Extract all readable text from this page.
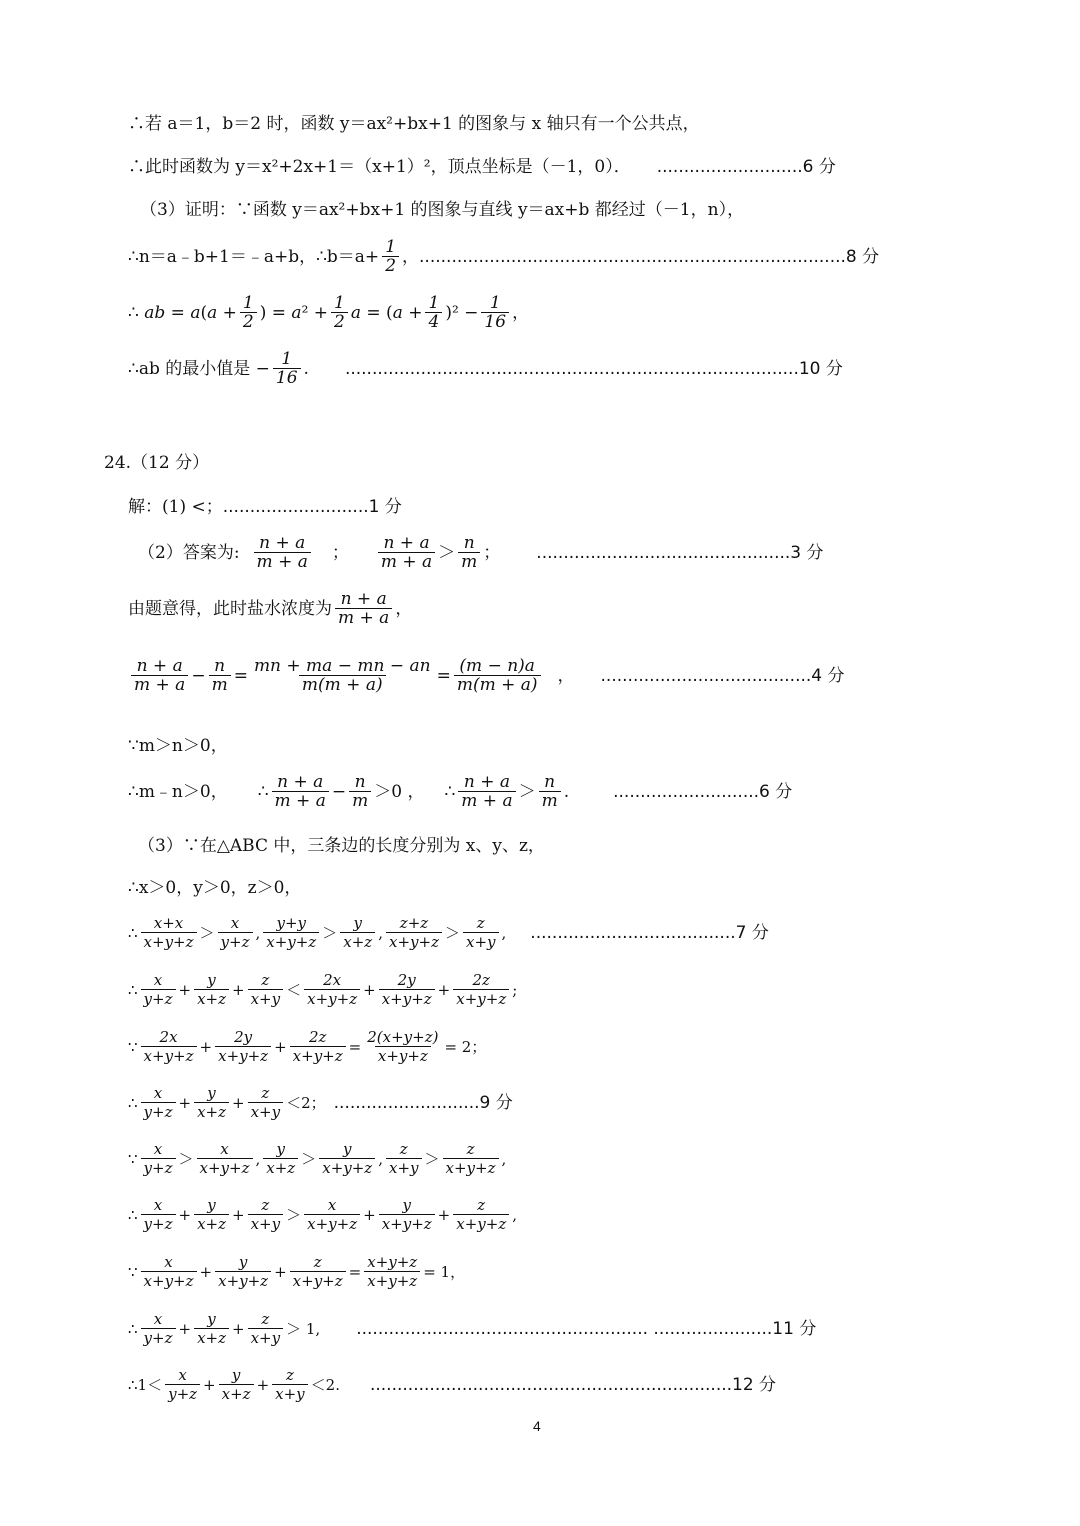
∴若 a＝1，b＝2 时，函数 y＝ax²+bx+1 的图象与 x 轴只有一个公共点，
∴此时函数为 y＝x²+2x+1＝（x+1）²，顶点坐标是（－1，0）． ...........................6 分
（3）证明：∵函数 y＝ax²+bx+1 的图象与直线 y＝ax+b 都经过（－1，n），
∴n＝a﹣b+1＝﹣a+b，∴b＝a+ $\frac{1}{2}$ ， ...............................................................................8 分
∴ ab = $a(a + \frac{1}{2}$ ) = $a^2 + \frac{1}{2}$ $a = (a + \frac{1}{4} )^2 - \frac{1}{16}$ ，
∴ab 的最小值是 − $\frac{1}{16}$ . ....................................................................................10 分
24.（12 分）
解：(1) <； ...........................1 分
（2）答案为: $\frac{n + a}{m + a}$ ； $\frac{n + a}{m + a} > \frac{n}{m}$ ； ...............................................3 分
由题意得，此时盐水浓度为 $\frac{n + a}{m + a}$ ，
$\frac{n + a}{m + a} - \frac{n}{m} = \frac{mn + ma - mn - an}{m(m + a)} = \frac{(m - n)a}{m(m + a)}$ ， .......................................4 分
∵m＞n＞0，
∴m﹣n＞0， ∴ $\frac{n + a}{m + a} - \frac{n}{m} >0$ ， ∴ $\frac{n + a}{m + a} > \frac{n}{m}$ .	...........................6 分
（3）∵在△ABC 中，三条边的长度分别为 x、y、z，
∴x＞0，y＞0，z＞0，
∴ $\frac{x+x}{x+y+z} > \frac{x}{y+z}$ , $\frac{y+y}{x+y+z} > \frac{y}{x+z}$ , $\frac{z+z}{x+y+z} > \frac{z}{x+y}$ , ......................................7 分
∴ $\frac{x}{y+z} + \frac{y}{x+z} + \frac{z}{x+y} < \frac{2x}{x+y+z} + \frac{2y}{x+y+z} + \frac{2z}{x+y+z}$ ;
∵ $\frac{2x}{x+y+z} + \frac{2y}{x+y+z} + \frac{2z}{x+y+z} = \frac{2(x+y+z)}{x+y+z} = 2$；
∴ $\frac{x}{y+z} + \frac{y}{x+z} + \frac{z}{x+y} <2$； ...........................9 分
∵ $\frac{x}{y+z} > \frac{x}{x+y+z}$ , $\frac{y}{x+z} > \frac{y}{x+y+z}$ , $\frac{z}{x+y} > \frac{z}{x+y+z}$ ,
∴ $\frac{x}{y+z} + \frac{y}{x+z} + \frac{z}{x+y} > \frac{x}{x+y+z} + \frac{y}{x+y+z} + \frac{z}{x+y+z}$ ,
∵ $\frac{x}{x+y+z} + \frac{y}{x+y+z} + \frac{z}{x+y+z} = \frac{x+y+z}{x+y+z} = 1$，
∴ $\frac{x}{y+z} + \frac{y}{x+z} + \frac{z}{x+y} > 1$, ...................................................... ......................11 分
∴1＜ $\frac{x}{y+z} + \frac{y}{x+z} + \frac{z}{x+y} <2$. ...................................................................12 分
4
